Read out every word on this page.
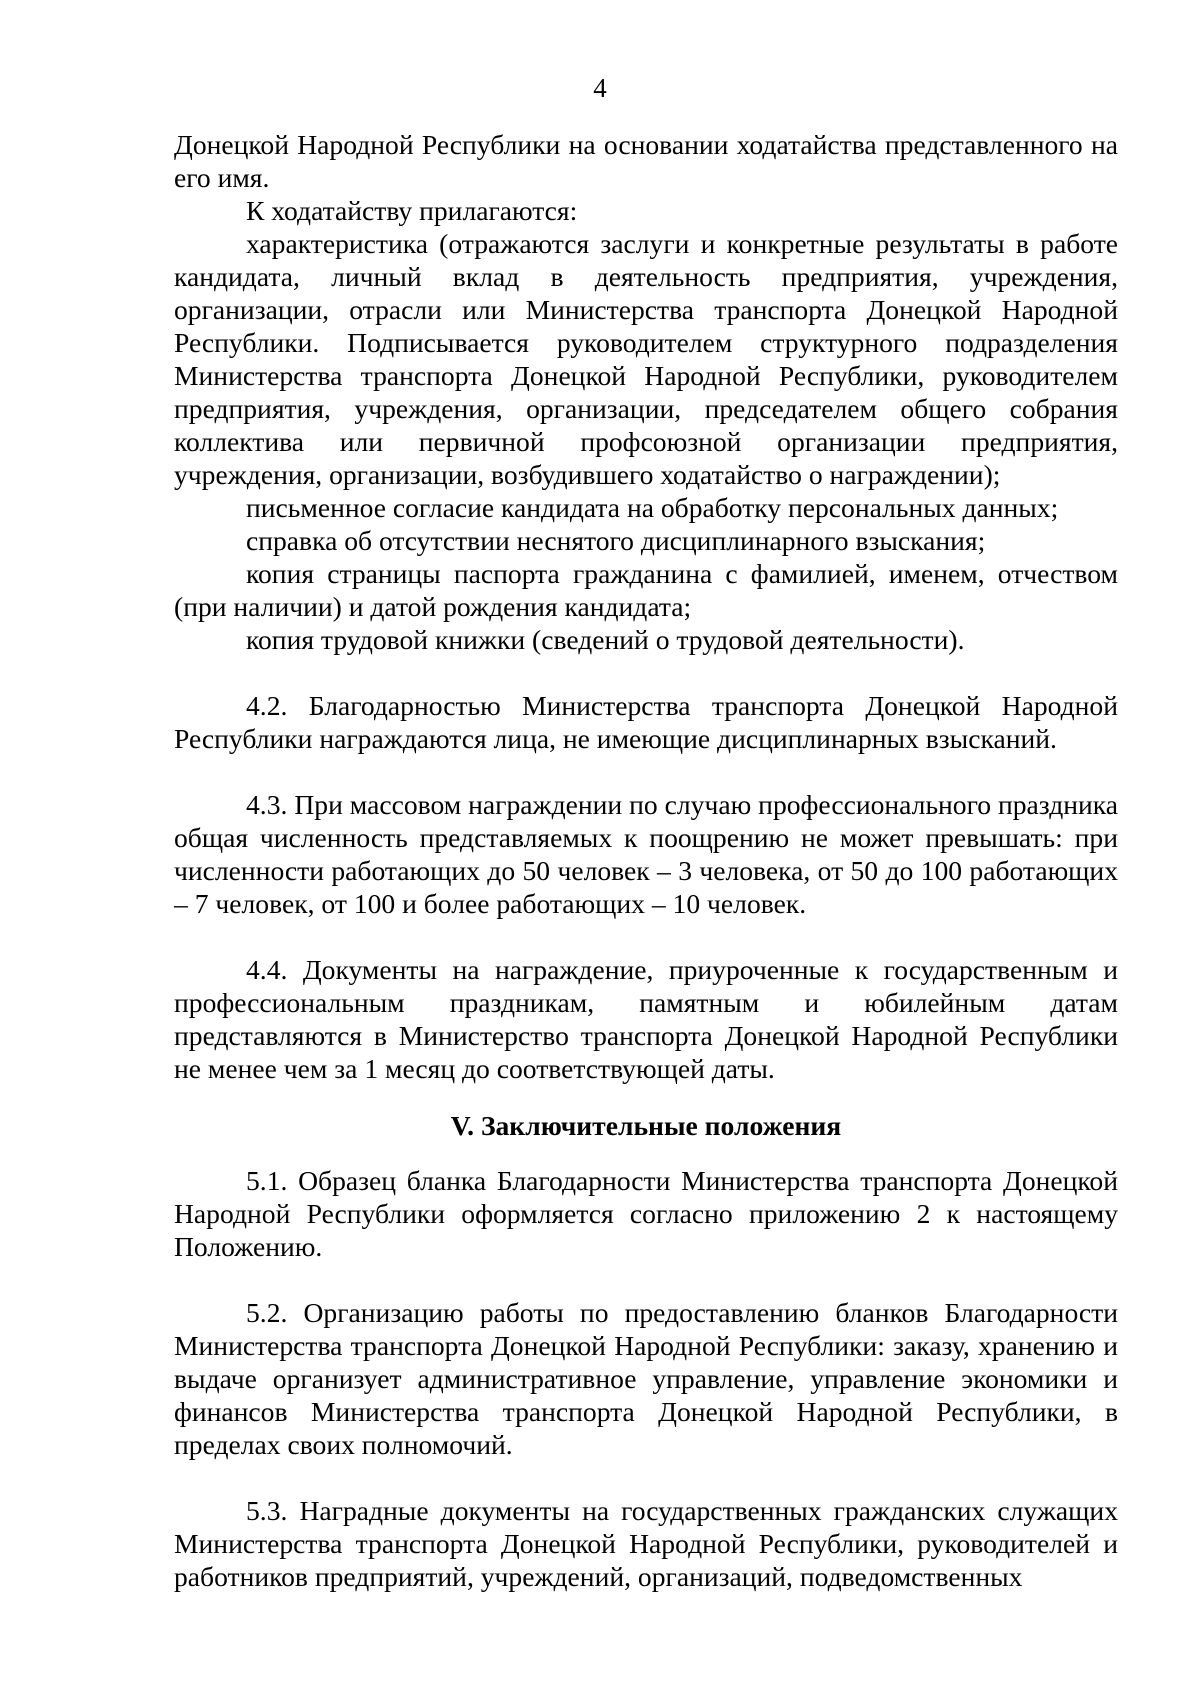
4

Донецкой Народной Республики на основании ходатайства представленного на его имя.

К ходатайству прилагаются:

характеристика (отражаются заслуги и конкретные результаты в работе кандидата, личный вклад в деятельность предприятия, учреждения, организации, отрасли или Министерства транспорта Донецкой Народной Республики. Подписывается руководителем структурного подразделения Министерства транспорта Донецкой Народной Республики, руководителем предприятия, учреждения, организации, председателем общего собрания коллектива или первичной профсоюзной организации предприятия, учреждения, организации, возбудившего ходатайство о награждении);

письменное согласие кандидата на обработку персональных данных;

справка об отсутствии неснятого дисциплинарного взыскания;

копия страницы паспорта гражданина с фамилией, именем, отчеством (при наличии) и датой рождения кандидата;

копия трудовой книжки (сведений о трудовой деятельности).

4.2. Благодарностью Министерства транспорта Донецкой Народной Республики награждаются лица, не имеющие дисциплинарных взысканий.

4.3. При массовом награждении по случаю профессионального праздника общая численность представляемых к поощрению не может превышать: при численности работающих до 50 человек – 3 человека, от 50 до 100 работающих – 7 человек, от 100 и более работающих – 10 человек.

4.4. Документы на награждение, приуроченные к государственным и профессиональным праздникам, памятным и юбилейным датам представляются в Министерство транспорта Донецкой Народной Республики не менее чем за 1 месяц до соответствующей даты.

V. Заключительные положения

5.1. Образец бланка Благодарности Министерства транспорта Донецкой Народной Республики оформляется согласно приложению 2 к настоящему Положению.

5.2. Организацию работы по предоставлению бланков Благодарности Министерства транспорта Донецкой Народной Республики: заказу, хранению и выдаче организует административное управление, управление экономики и финансов Министерства транспорта Донецкой Народной Республики, в пределах своих полномочий.

5.3. Наградные документы на государственных гражданских служащих Министерства транспорта Донецкой Народной Республики, руководителей и работников предприятий, учреждений, организаций, подведомственных
